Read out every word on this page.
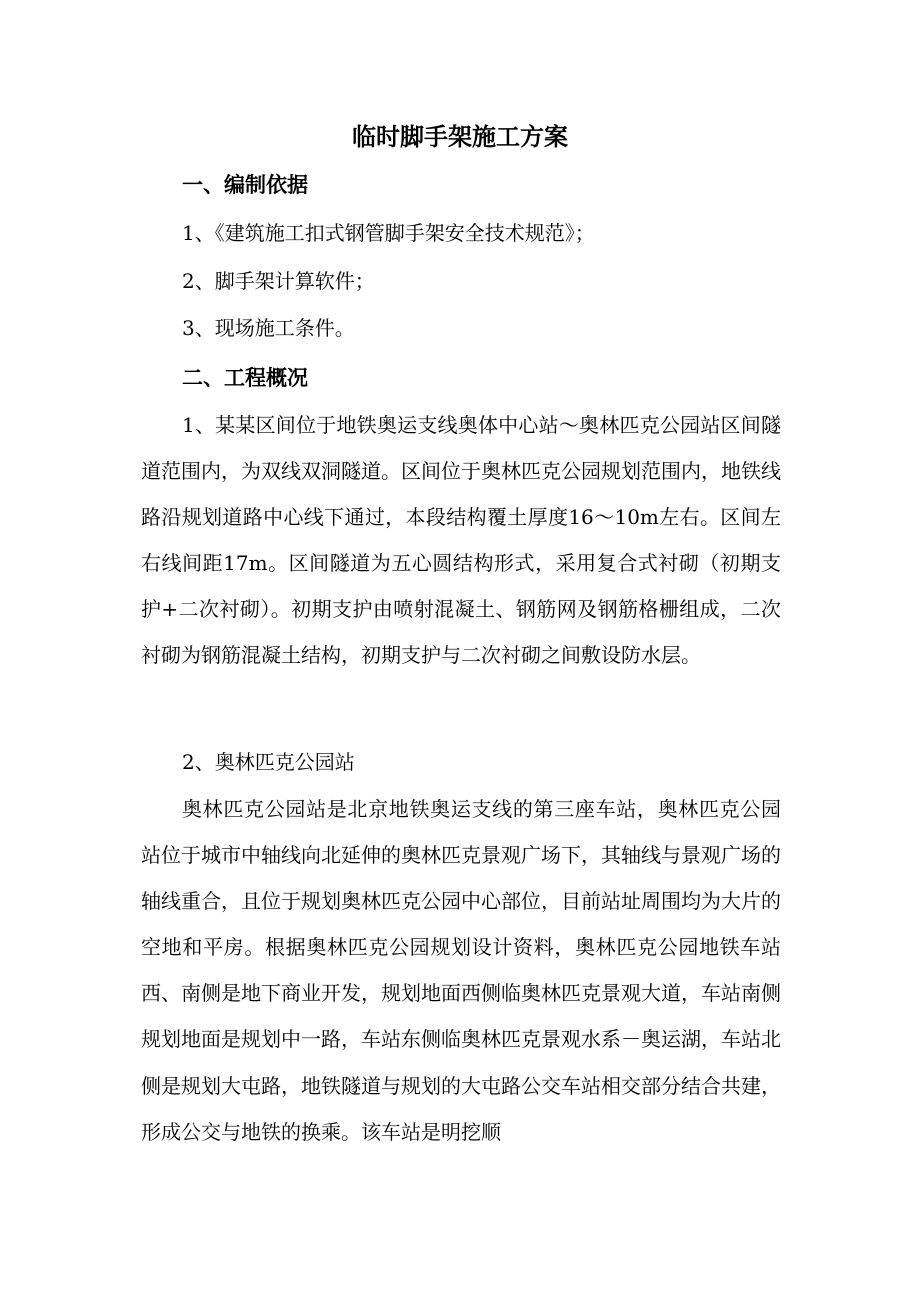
临时脚手架施工方案
一、编制依据
1、《建筑施工扣式钢管脚手架安全技术规范》；
2、脚手架计算软件；
3、现场施工条件。
二、工程概况

1、某某区间位于地铁奥运支线奥体中心站～奥林匹克公园站区间隧道范围内，为双线双洞隧道。区间位于奥林匹克公园规划范围内，地铁线路沿规划道路中心线下通过，本段结构覆土厚度16～10m左右。区间左右线间距17m。区间隧道为五心圆结构形式，采用复合式衬砌（初期支护+二次衬砌）。初期支护由喷射混凝土、钢筋网及钢筋格栅组成，二次衬砌为钢筋混凝土结构，初期支护与二次衬砌之间敷设防水层。

2、奥林匹克公园站

奥林匹克公园站是北京地铁奥运支线的第三座车站，奥林匹克公园站位于城市中轴线向北延伸的奥林匹克景观广场下，其轴线与景观广场的轴线重合，且位于规划奥林匹克公园中心部位，目前站址周围均为大片的空地和平房。根据奥林匹克公园规划设计资料，奥林匹克公园地铁车站西、南侧是地下商业开发，规划地面西侧临奥林匹克景观大道，车站南侧规划地面是规划中一路，车站东侧临奥林匹克景观水系－奥运湖，车站北侧是规划大屯路，地铁隧道与规划的大屯路公交车站相交部分结合共建，形成公交与地铁的换乘。该车站是明挖顺
